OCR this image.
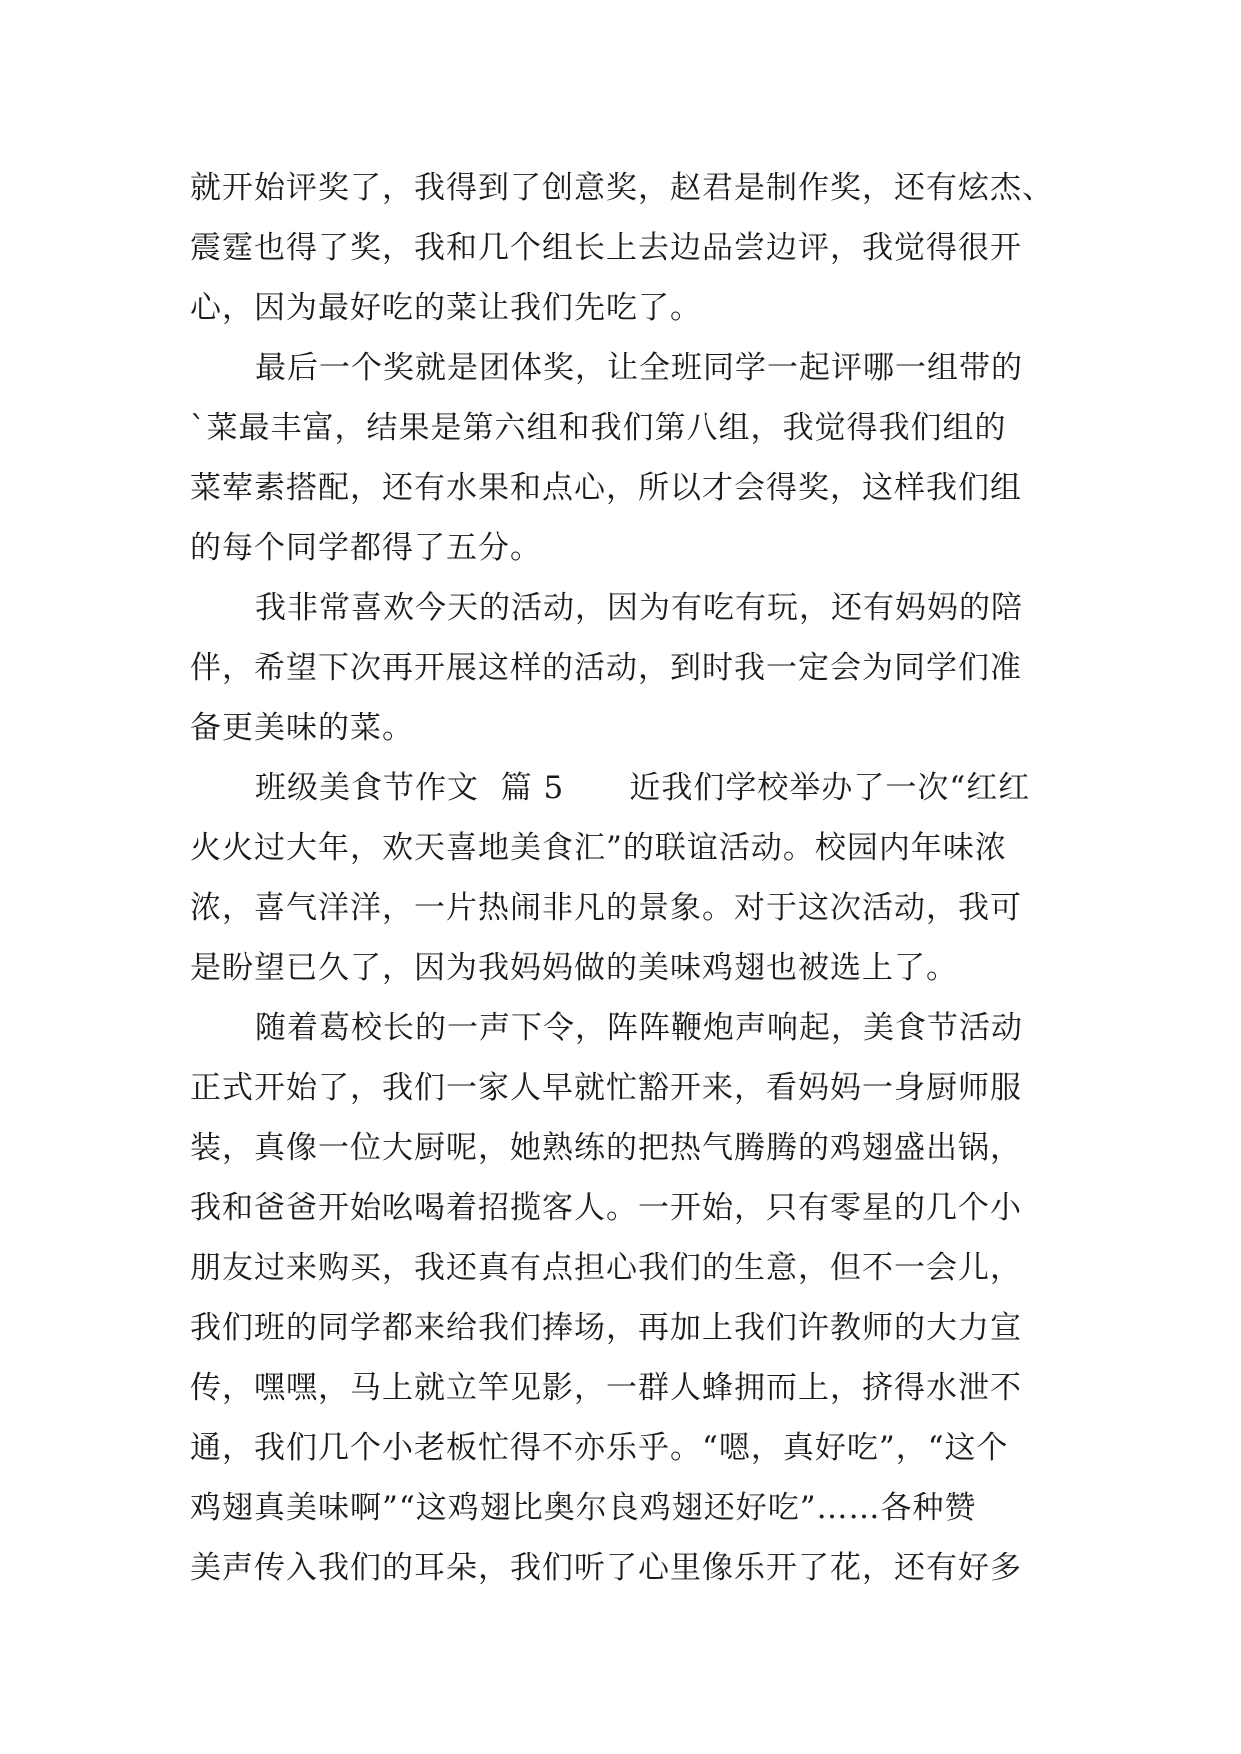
就开始评奖了，我得到了创意奖，赵君是制作奖，还有炫杰、
震霆也得了奖，我和几个组长上去边品尝边评，我觉得很开
心，因为最好吃的菜让我们先吃了。
最后一个奖就是团体奖，让全班同学一起评哪一组带的
`菜最丰富，结果是第六组和我们第八组，我觉得我们组的
菜荤素搭配，还有水果和点心，所以才会得奖，这样我们组
的每个同学都得了五分。
我非常喜欢今天的活动，因为有吃有玩，还有妈妈的陪
伴，希望下次再开展这样的活动，到时我一定会为同学们准
备更美味的菜。
班级美食节作文  篇 5      近我们学校举办了一次“红红
火火过大年，欢天喜地美食汇”的联谊活动。校园内年味浓
浓，喜气洋洋，一片热闹非凡的景象。对于这次活动，我可
是盼望已久了，因为我妈妈做的美味鸡翅也被选上了。
随着葛校长的一声下令，阵阵鞭炮声响起，美食节活动
正式开始了，我们一家人早就忙豁开来，看妈妈一身厨师服
装，真像一位大厨呢，她熟练的把热气腾腾的鸡翅盛出锅，
我和爸爸开始吆喝着招揽客人。一开始，只有零星的几个小
朋友过来购买，我还真有点担心我们的生意，但不一会儿，
我们班的同学都来给我们捧场，再加上我们许教师的大力宣
传，嘿嘿，马上就立竿见影，一群人蜂拥而上，挤得水泄不
通，我们几个小老板忙得不亦乐乎。“嗯，真好吃”，“这个
鸡翅真美味啊”“这鸡翅比奥尔良鸡翅还好吃”……各种赞
美声传入我们的耳朵，我们听了心里像乐开了花，还有好多
